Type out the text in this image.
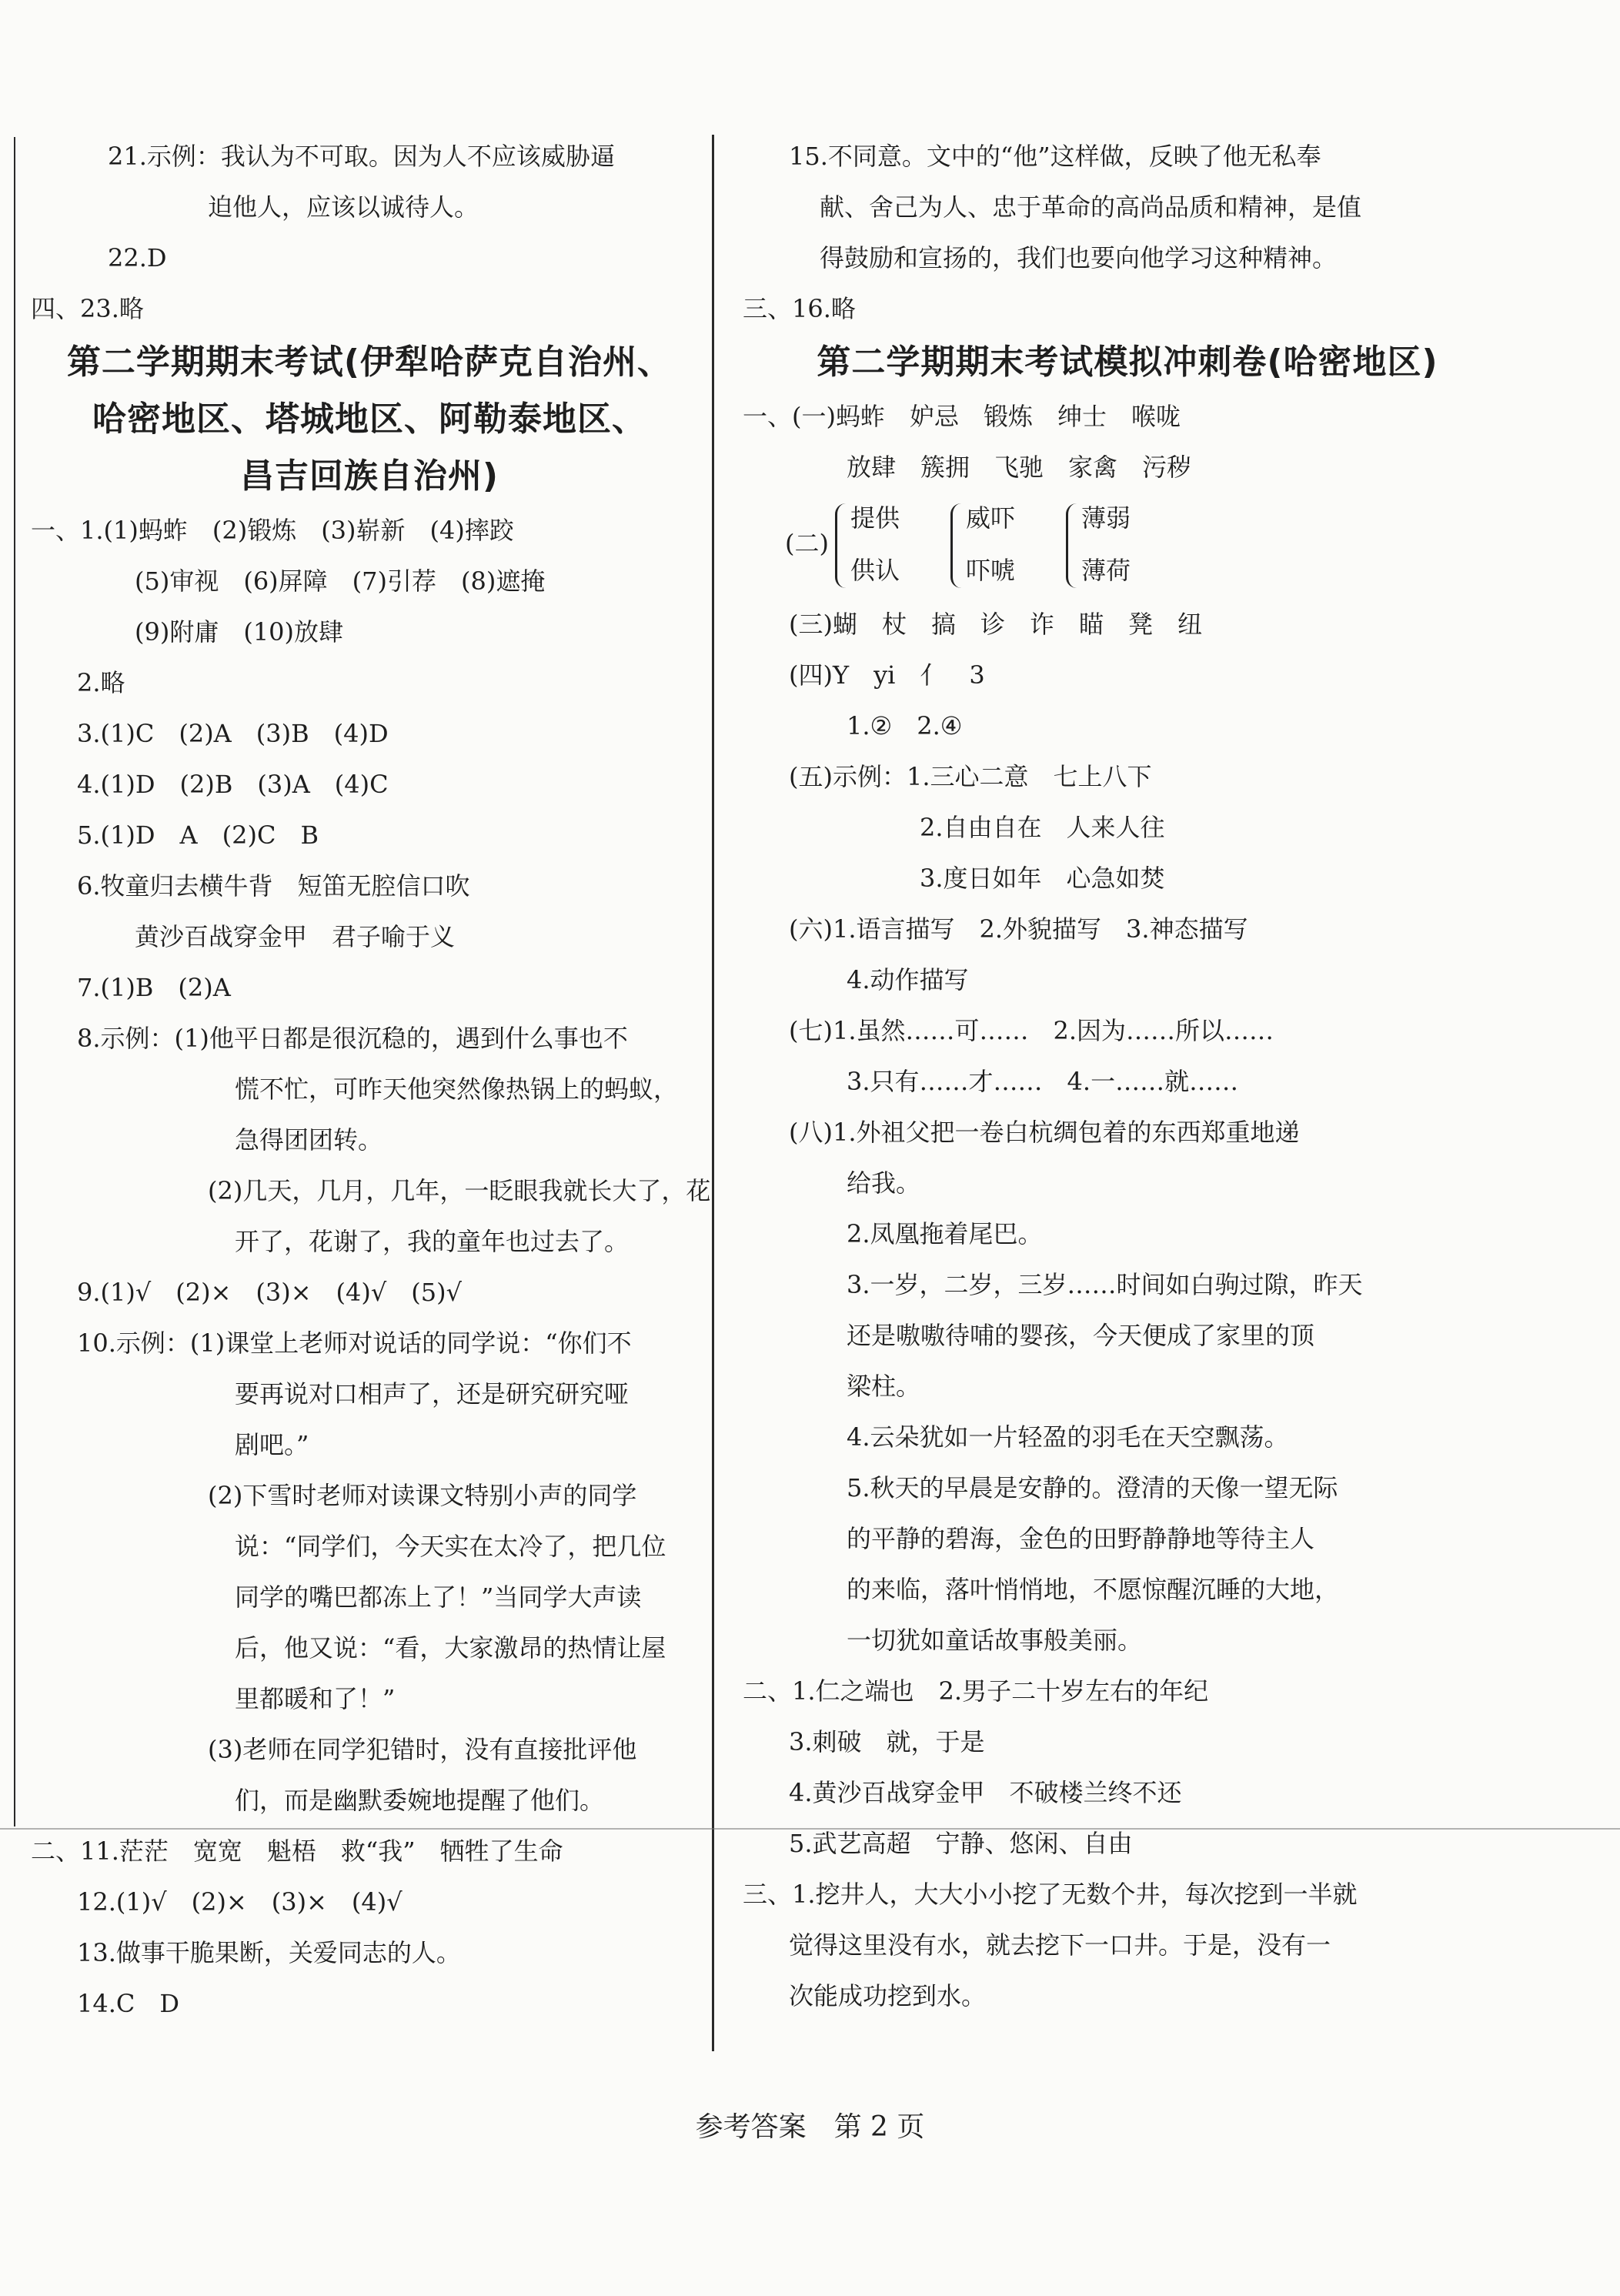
21.示例：我认为不可取。因为人不应该威胁逼
迫他人，应该以诚待人。
22.D
四、23.略
第二学期期末考试(伊犁哈萨克自治州、
哈密地区、塔城地区、阿勒泰地区、
昌吉回族自治州)
一、1.(1)蚂蚱　(2)锻炼　(3)崭新　(4)摔跤
(5)审视　(6)屏障　(7)引荐　(8)遮掩
(9)附庸　(10)放肆
2.略
3.(1)C　(2)A　(3)B　(4)D
4.(1)D　(2)B　(3)A　(4)C
5.(1)D　A　(2)C　B
6.牧童归去横牛背　短笛无腔信口吹
黄沙百战穿金甲　君子喻于义
7.(1)B　(2)A
8.示例：(1)他平日都是很沉稳的，遇到什么事也不
慌不忙，可昨天他突然像热锅上的蚂蚁，
急得团团转。
(2)几天，几月，几年，一眨眼我就长大了，花
开了，花谢了，我的童年也过去了。
9.(1)√　(2)×　(3)×　(4)√　(5)√
10.示例：(1)课堂上老师对说话的同学说：“你们不
要再说对口相声了，还是研究研究哑
剧吧。”
(2)下雪时老师对读课文特别小声的同学
说：“同学们，今天实在太冷了，把几位
同学的嘴巴都冻上了！”当同学大声读
后，他又说：“看，大家激昂的热情让屋
里都暖和了！”
(3)老师在同学犯错时，没有直接批评他
们，而是幽默委婉地提醒了他们。
二、11.茫茫　宽宽　魁梧　救“我”　牺牲了生命
12.(1)√　(2)×　(3)×　(4)√
13.做事干脆果断，关爱同志的人。
14.C　D
15.不同意。文中的“他”这样做，反映了他无私奉
献、舍己为人、忠于革命的高尚品质和精神，是值
得鼓励和宣扬的，我们也要向他学习这种精神。
三、16.略
第二学期期末考试模拟冲刺卷(哈密地区)
一、(一)蚂蚱　妒忌　锻炼　绅士　喉咙
放肆　簇拥　飞驰　家禽　污秽
(二)
提供
供认
威吓
吓唬
薄弱
薄荷
(三)蝴　杖　搞　诊　诈　瞄　凳　纽
(四)Y　yi　亻　3
1.②　2.④
(五)示例：1.三心二意　七上八下
2.自由自在　人来人往
3.度日如年　心急如焚
(六)1.语言描写　2.外貌描写　3.神态描写
4.动作描写
(七)1.虽然……可……　2.因为……所以……
3.只有……才……　4.一……就……
(八)1.外祖父把一卷白杭绸包着的东西郑重地递
给我。
2.凤凰拖着尾巴。
3.一岁，二岁，三岁……时间如白驹过隙，昨天
还是嗷嗷待哺的婴孩，今天便成了家里的顶
梁柱。
4.云朵犹如一片轻盈的羽毛在天空飘荡。
5.秋天的早晨是安静的。澄清的天像一望无际
的平静的碧海，金色的田野静静地等待主人
的来临，落叶悄悄地，不愿惊醒沉睡的大地，
一切犹如童话故事般美丽。
二、1.仁之端也　2.男子二十岁左右的年纪
3.刺破　就，于是
4.黄沙百战穿金甲　不破楼兰终不还
5.武艺高超　宁静、悠闲、自由
三、1.挖井人，大大小小挖了无数个井，每次挖到一半就
觉得这里没有水，就去挖下一口井。于是，没有一
次能成功挖到水。
参考答案　第 2 页
